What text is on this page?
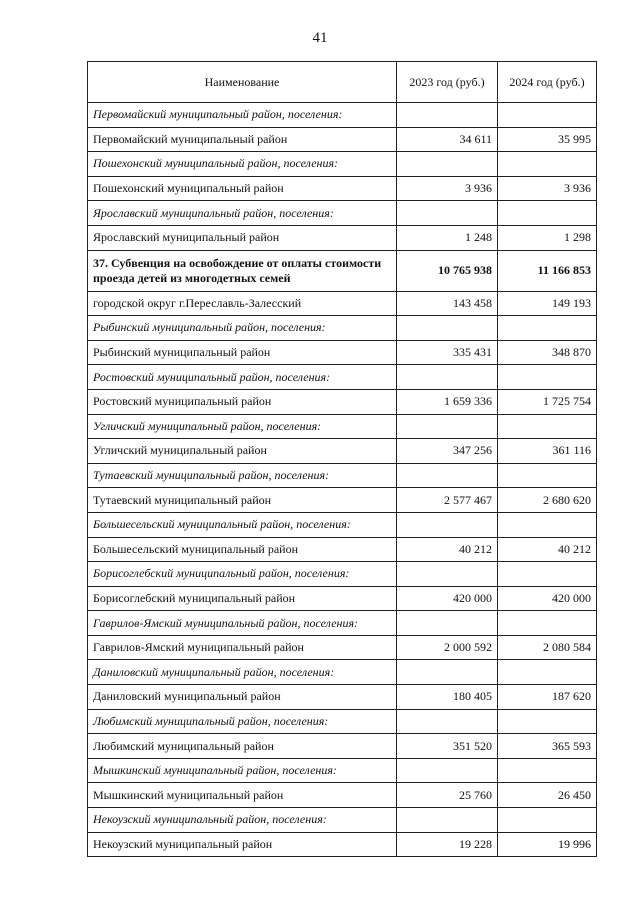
41
Наименование	2023 год (руб.)	2024 год (руб.)
Первомайский муниципальный район, поселения:		
Первомайский муниципальный район	34 611	35 995
Пошехонский муниципальный район, поселения:		
Пошехонский муниципальный район	3 936	3 936
Ярославский муниципальный район, поселения:		
Ярославский муниципальный район	1 248	1 298
37. Субвенция на освобождение от оплаты стоимости проезда детей из многодетных семей	10 765 938	11 166 853
городской округ г.Переславль-Залесский	143 458	149 193
Рыбинский муниципальный район, поселения:		
Рыбинский муниципальный район	335 431	348 870
Ростовский муниципальный район, поселения:		
Ростовский муниципальный район	1 659 336	1 725 754
Угличский муниципальный район, поселения:		
Угличский муниципальный район	347 256	361 116
Тутаевский муниципальный район, поселения:		
Тутаевский муниципальный район	2 577 467	2 680 620
Большесельский муниципальный район, поселения:		
Большесельский муниципальный район	40 212	40 212
Борисоглебский муниципальный район, поселения:		
Борисоглебский муниципальный район	420 000	420 000
Гаврилов-Ямский муниципальный район, поселения:		
Гаврилов-Ямский муниципальный район	2 000 592	2 080 584
Даниловский муниципальный район, поселения:		
Даниловский муниципальный район	180 405	187 620
Любимский муниципальный район, поселения:		
Любимский муниципальный район	351 520	365 593
Мышкинский муниципальный район, поселения:		
Мышкинский муниципальный район	25 760	26 450
Некоузский муниципальный район, поселения:		
Некоузский муниципальный район	19 228	19 996
